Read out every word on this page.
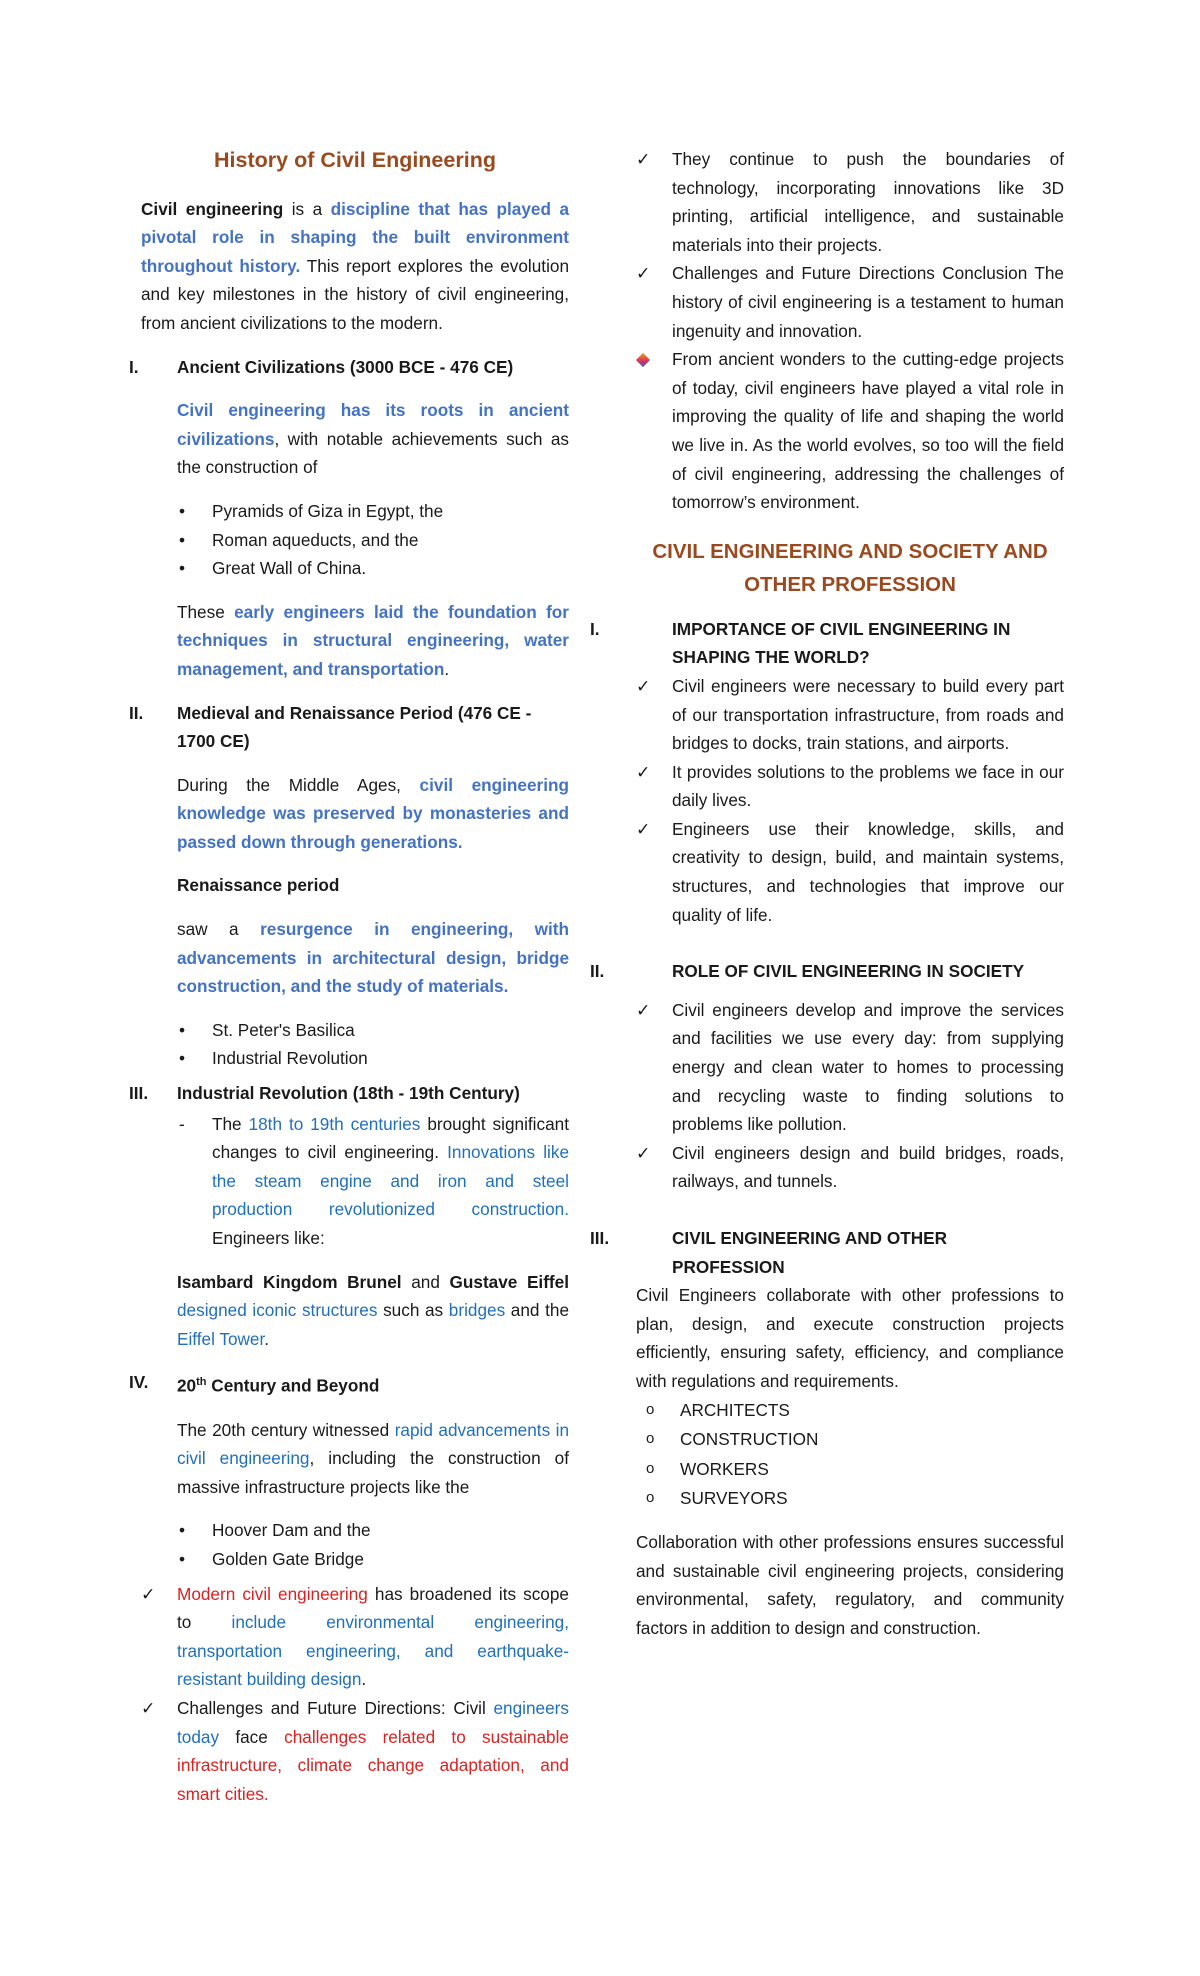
History of Civil Engineering

Civil engineering is a discipline that has played a pivotal role in shaping the built environment throughout history. This report explores the evolution and key milestones in the history of civil engineering, from ancient civilizations to the modern.

I.	Ancient Civilizations (3000 BCE - 476 CE)

Civil engineering has its roots in ancient civilizations, with notable achievements such as the construction of

• Pyramids of Giza in Egypt, the
• Roman aqueducts, and the
• Great Wall of China.

These early engineers laid the foundation for techniques in structural engineering, water management, and transportation.

II.	Medieval and Renaissance Period (476 CE - 1700 CE)

During the Middle Ages, civil engineering knowledge was preserved by monasteries and passed down through generations.

Renaissance period

saw a resurgence in engineering, with advancements in architectural design, bridge construction, and the study of materials.

• St. Peter's Basilica
• Industrial Revolution
III.	Industrial Revolution (18th - 19th Century)
- The 18th to 19th centuries brought significant changes to civil engineering. Innovations like the steam engine and iron and steel production revolutionized construction. Engineers like:

Isambard Kingdom Brunel and Gustave Eiffel designed iconic structures such as bridges and the Eiffel Tower.

IV.	20th Century and Beyond

The 20th century witnessed rapid advancements in civil engineering, including the construction of massive infrastructure projects like the

• Hoover Dam and the
• Golden Gate Bridge
✓ Modern civil engineering has broadened its scope to include environmental engineering, transportation engineering, and earthquake-resistant building design.
✓ Challenges and Future Directions: Civil engineers today face challenges related to sustainable infrastructure, climate change adaptation, and smart cities.
✓ They continue to push the boundaries of technology, incorporating innovations like 3D printing, artificial intelligence, and sustainable materials into their projects.
✓ Challenges and Future Directions Conclusion The history of civil engineering is a testament to human ingenuity and innovation.
From ancient wonders to the cutting-edge projects of today, civil engineers have played a vital role in improving the quality of life and shaping the world we live in. As the world evolves, so too will the field of civil engineering, addressing the challenges of tomorrow’s environment.
CIVIL ENGINEERING AND SOCIETY AND OTHER PROFESSION
I.	IMPORTANCE OF CIVIL ENGINEERING IN SHAPING THE WORLD?
✓ Civil engineers were necessary to build every part of our transportation infrastructure, from roads and bridges to docks, train stations, and airports.
✓ It provides solutions to the problems we face in our daily lives.
✓ Engineers use their knowledge, skills, and creativity to design, build, and maintain systems, structures, and technologies that improve our quality of life.
II.	ROLE OF CIVIL ENGINEERING IN SOCIETY
✓ Civil engineers develop and improve the services and facilities we use every day: from supplying energy and clean water to homes to processing and recycling waste to finding solutions to problems like pollution.
✓ Civil engineers design and build bridges, roads, railways, and tunnels.
III.	CIVIL ENGINEERING AND OTHER PROFESSION

Civil Engineers collaborate with other professions to plan, design, and execute construction projects efficiently, ensuring safety, efficiency, and compliance with regulations and requirements.

o ARCHITECTS
o CONSTRUCTION
o WORKERS
o SURVEYORS

Collaboration with other professions ensures successful and sustainable civil engineering projects, considering environmental, safety, regulatory, and community factors in addition to design and construction.
